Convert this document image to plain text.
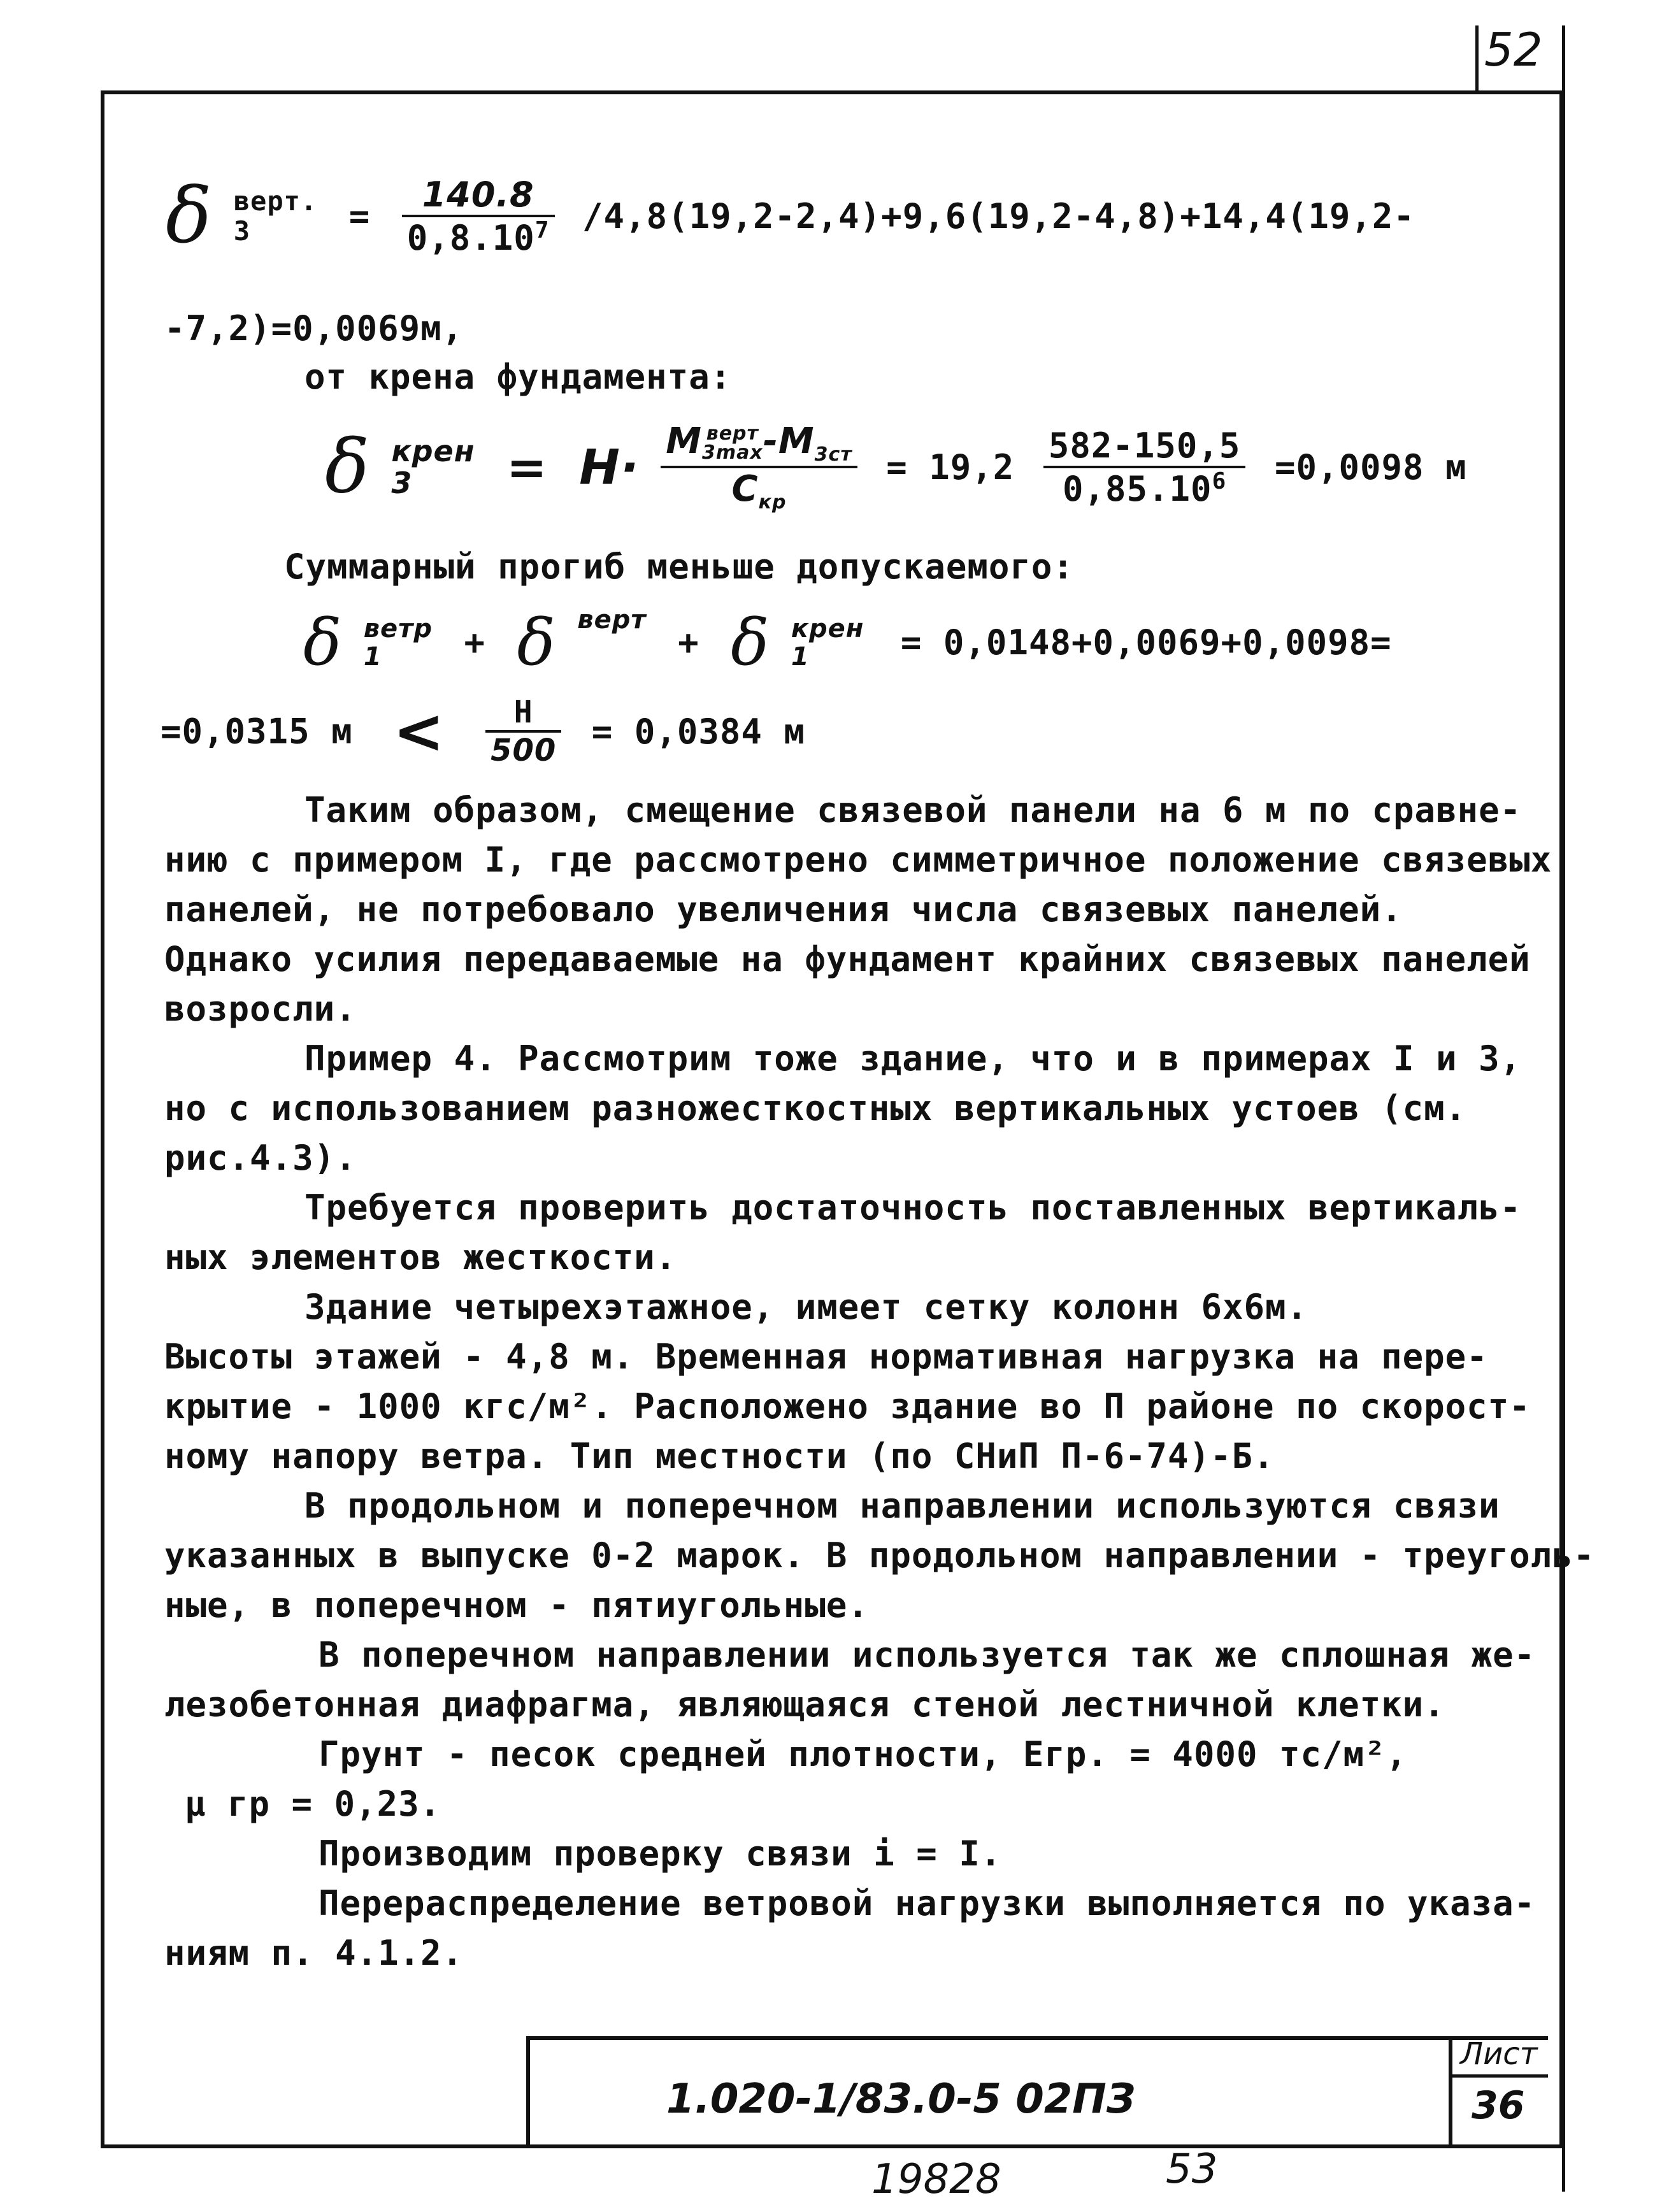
52
δ верт.
3	= $\frac{140.8}{0,8.10^7} /4,8(19,2-2,4)+9,6(19,2-4,8)+14,4(19,2-$
-7,2)=0,0069м,
от крена фундамента:
δ крен
3	= H· M верт
3max $-M_{3ст}$
$C_{кр} = 19,2 \frac{582-150,5}{0,85.10^6} =0,0098$ м
Суммарный прогиб меньше допускаемого:
δ ветр
1	+ δ верт + δ крен
1	= 0,0148+0,0069+0,0098=
=0,0315 $м < \frac{H}{500} = 0,0384$ м
Таким образом, смещение связевой панели на 6 м по сравне-
нию с примером I, где рассмотрено симметричное положение связевых
панелей, не потребовало увеличения числа связевых панелей.
Однако усилия передаваемые на фундамент крайних связевых панелей
возросли.
Пример 4. Рассмотрим тоже здание, что и в примерах I и 3,
но с использованием разножесткостных вертикальных устоев (см.
рис.4.3).
Требуется проверить достаточность поставленных вертикаль-
ных элементов жесткости.
Здание четырехэтажное, имеет сетку колонн 6х6м.
Высоты этажей - 4,8 м. Временная нормативная нагрузка на пере-
крытие - 1000 кгс/м². Расположено здание во П районе по скорост-
ному напору ветра. Тип местности (по СНиП П-6-74)-Б.
В продольном и поперечном направлении используются связи
указанных в выпуске 0-2 марок. В продольном направлении - треуголь-
ные, в поперечном - пятиугольные.
В поперечном направлении используется так же сплошная же-
лезобетонная диафрагма, являющаяся стеной лестничной клетки.
Грунт - песок средней плотности, Егр. = 4000 тс/м²,
μ гр = 0,23.
Производим проверку связи i = I.
Перераспределение ветровой нагрузки выполняется по указа-
ниям п. 4.1.2.
Лист
36
1.020-1/83.0-5 02ПЗ
19828	53
